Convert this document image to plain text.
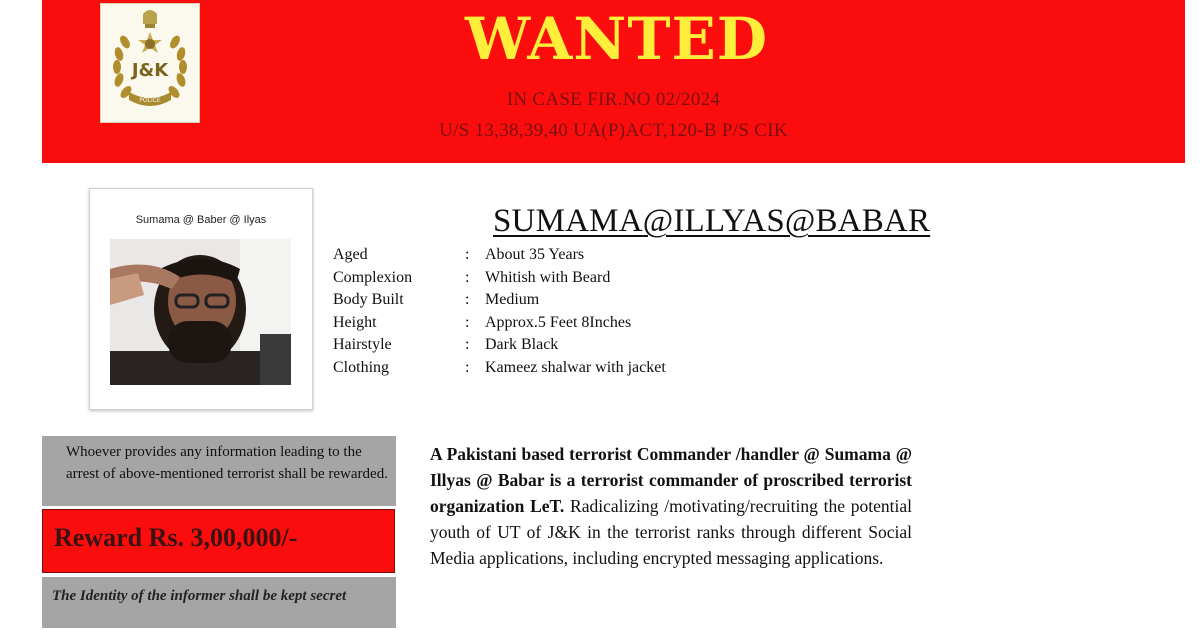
WANTED
IN CASE FIR.NO 02/2024
U/S 13,38,39,40 UA(P)ACT,120-B P/S CIK
J&K
POLICE
Sumama @ Baber @ Ilyas	SUMAMA@ILLYAS@BABAR
Aged	: About 35 Years
Complexion	: Whitish with Beard
Body Built	: Medium
Height	: Approx.5 Feet 8Inches
Hairstyle	: Dark Black
Clothing	: Kameez shalwar with jacket
Whoever provides any information leading to the arrest of above-mentioned terrorist shall be rewarded.
Reward Rs. 3,00,000/-
The Identity of the informer shall be kept secret
A Pakistani based terrorist Commander /handler @ Sumama @ Illyas @ Babar is a terrorist commander of proscribed terrorist organization LeT. Radicalizing /motivating/recruiting the potential youth of UT of J&K in the terrorist ranks through different Social Media applications, including encrypted messaging applications.
